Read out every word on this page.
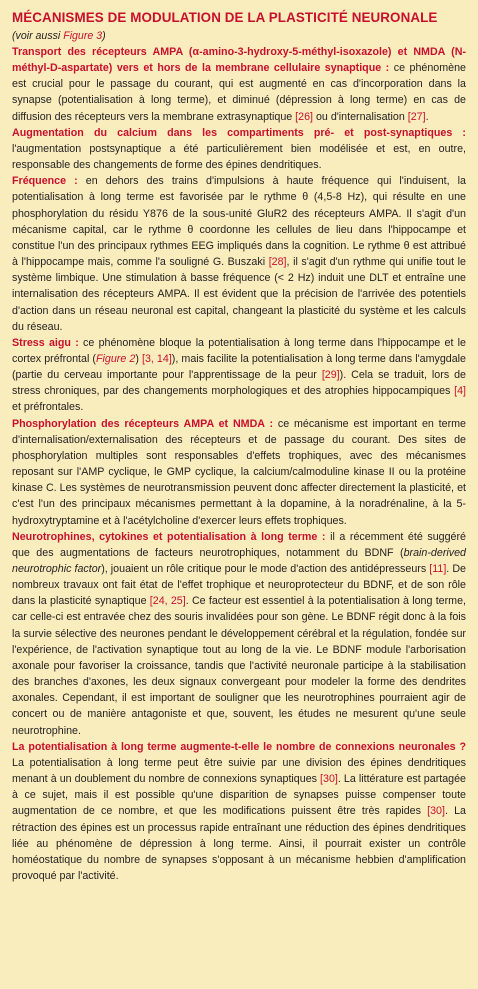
MÉCANISMES DE MODULATION DE LA PLASTICITÉ NEURONALE
(voir aussi Figure 3)

Transport des récepteurs AMPA (α-amino-3-hydroxy-5-méthyl-isoxazole) et NMDA (N-méthyl-D-aspartate) vers et hors de la membrane cellulaire synaptique : ce phénomène est crucial pour le passage du courant, qui est augmenté en cas d'incorporation dans la synapse (potentialisation à long terme), et diminué (dépression à long terme) en cas de diffusion des récepteurs vers la membrane extrasynaptique [26] ou d'internalisation [27].

Augmentation du calcium dans les compartiments pré- et post-synaptiques : l'augmentation postsynaptique a été particulièrement bien modélisée et est, en outre, responsable des changements de forme des épines dendritiques.

Fréquence : en dehors des trains d'impulsions à haute fréquence qui l'induisent, la potentialisation à long terme est favorisée par le rythme θ (4,5-8 Hz), qui résulte en une phosphorylation du résidu Y876 de la sous-unité GluR2 des récepteurs AMPA. Il s'agit d'un mécanisme capital, car le rythme θ coordonne les cellules de lieu dans l'hippocampe et constitue l'un des principaux rythmes EEG impliqués dans la cognition. Le rythme θ est attribué à l'hippocampe mais, comme l'a souligné G. Buszaki [28], il s'agit d'un rythme qui unifie tout le système limbique. Une stimulation à basse fréquence (< 2 Hz) induit une DLT et entraîne une internalisation des récepteurs AMPA. Il est évident que la précision de l'arrivée des potentiels d'action dans un réseau neuronal est capital, changeant la plasticité du système et les calculs du réseau.

Stress aigu : ce phénomène bloque la potentialisation à long terme dans l'hippocampe et le cortex préfrontal (Figure 2) [3, 14]), mais facilite la potentialisation à long terme dans l'amygdale (partie du cerveau importante pour l'apprentissage de la peur [29]). Cela se traduit, lors de stress chroniques, par des changements morphologiques et des atrophies hippocampiques [4] et préfrontales.

Phosphorylation des récepteurs AMPA et NMDA : ce mécanisme est important en terme d'internalisation/externalisation des récepteurs et de passage du courant. Des sites de phosphorylation multiples sont responsables d'effets trophiques, avec des mécanismes reposant sur l'AMP cyclique, le GMP cyclique, la calcium/calmoduline kinase II ou la protéine kinase C. Les systèmes de neurotransmission peuvent donc affecter directement la plasticité, et c'est l'un des principaux mécanismes permettant à la dopamine, à la noradrénaline, à la 5-hydroxytryptamine et à l'acétylcholine d'exercer leurs effets trophiques.

Neurotrophines, cytokines et potentialisation à long terme : il a récemment été suggéré que des augmentations de facteurs neurotrophiques, notamment du BDNF (brain-derived neurotrophic factor), jouaient un rôle critique pour le mode d'action des antidépresseurs [11]. De nombreux travaux ont fait état de l'effet trophique et neuroprotecteur du BDNF, et de son rôle dans la plasticité synaptique [24, 25]. Ce facteur est essentiel à la potentialisation à long terme, car celle-ci est entravée chez des souris invalidées pour son gène. Le BDNF régit donc à la fois la survie sélective des neurones pendant le développement cérébral et la régulation, fondée sur l'expérience, de l'activation synaptique tout au long de la vie. Le BDNF module l'arborisation axonale pour favoriser la croissance, tandis que l'activité neuronale participe à la stabilisation des branches d'axones, les deux signaux convergeant pour modeler la forme des dendrites axonales. Cependant, il est important de souligner que les neurotrophines pourraient agir de concert ou de manière antagoniste et que, souvent, les études ne mesurent qu'une seule neurotrophine.

La potentialisation à long terme augmente-t-elle le nombre de connexions neuronales ? La potentialisation à long terme peut être suivie par une division des épines dendritiques menant à un doublement du nombre de connexions synaptiques [30]. La littérature est partagée à ce sujet, mais il est possible qu'une disparition de synapses puisse compenser toute augmentation de ce nombre, et que les modifications puissent être très rapides [30]. La rétraction des épines est un processus rapide entraînant une réduction des épines dendritiques liée au phénomène de dépression à long terme. Ainsi, il pourrait exister un contrôle homéostatique du nombre de synapses s'opposant à un mécanisme hebbien d'amplification provoqué par l'activité.
